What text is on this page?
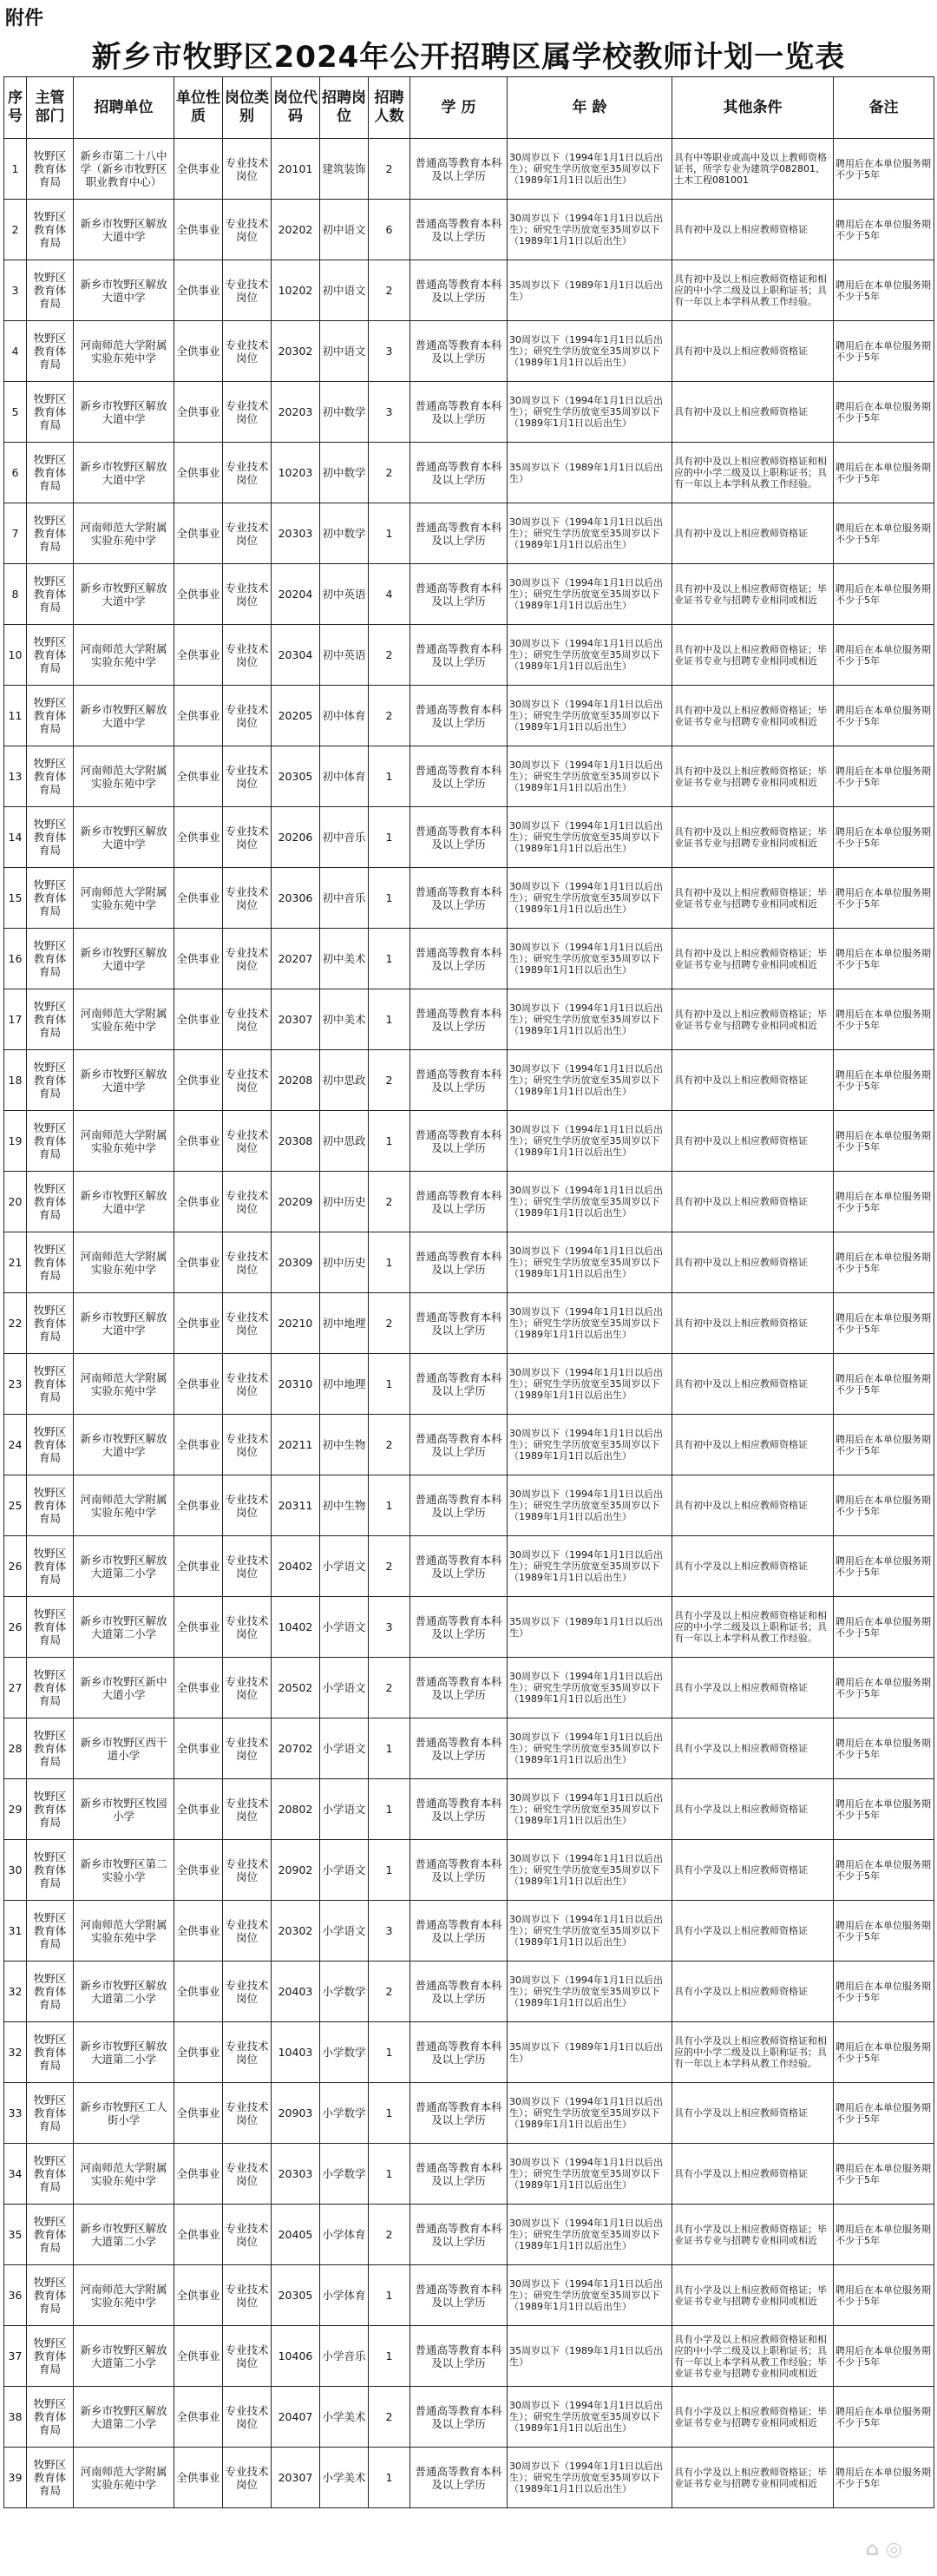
附件
新乡市牧野区2024年公开招聘区属学校教师计划一览表
序号	主管部门	招聘单位	单位性质	岗位类别	岗位代码	招聘岗位	招聘人数	学 历	年 龄	其他条件	备注
1	牧野区教育体育局	新乡市第二十八中学（新乡市牧野区职业教育中心）	全供事业	专业技术岗位	20101	建筑装饰	2	普通高等教育本科及以上学历	30周岁以下（1994年1月1日以后出生）；研究生学历放宽至35周岁以下（1989年1月1日以后出生）	具有中等职业或高中及以上教师资格证书，所学专业为建筑学082801、土木工程081001	聘用后在本单位服务期不少于5年
2	牧野区教育体育局	新乡市牧野区解放大道中学	全供事业	专业技术岗位	20202	初中语文	6	普通高等教育本科及以上学历	30周岁以下（1994年1月1日以后出生）；研究生学历放宽至35周岁以下（1989年1月1日以后出生）	具有初中及以上相应教师资格证	聘用后在本单位服务期不少于5年
3	牧野区教育体育局	新乡市牧野区解放大道中学	全供事业	专业技术岗位	10202	初中语文	2	普通高等教育本科及以上学历	35周岁以下（1989年1月1日以后出生）	具有初中及以上相应教师资格证和相应的中小学二级及以上职称证书；具有一年以上本学科从教工作经验。	聘用后在本单位服务期不少于5年
4	牧野区教育体育局	河南师范大学附属实验东苑中学	全供事业	专业技术岗位	20302	初中语文	3	普通高等教育本科及以上学历	30周岁以下（1994年1月1日以后出生）；研究生学历放宽至35周岁以下（1989年1月1日以后出生）	具有初中及以上相应教师资格证	聘用后在本单位服务期不少于5年
5	牧野区教育体育局	新乡市牧野区解放大道中学	全供事业	专业技术岗位	20203	初中数学	3	普通高等教育本科及以上学历	30周岁以下（1994年1月1日以后出生）；研究生学历放宽至35周岁以下（1989年1月1日以后出生）	具有初中及以上相应教师资格证	聘用后在本单位服务期不少于5年
6	牧野区教育体育局	新乡市牧野区解放大道中学	全供事业	专业技术岗位	10203	初中数学	2	普通高等教育本科及以上学历	35周岁以下（1989年1月1日以后出生）	具有初中及以上相应教师资格证和相应的中小学二级及以上职称证书；具有一年以上本学科从教工作经验。	聘用后在本单位服务期不少于5年
7	牧野区教育体育局	河南师范大学附属实验东苑中学	全供事业	专业技术岗位	20303	初中数学	1	普通高等教育本科及以上学历	30周岁以下（1994年1月1日以后出生）；研究生学历放宽至35周岁以下（1989年1月1日以后出生）	具有初中及以上相应教师资格证	聘用后在本单位服务期不少于5年
8	牧野区教育体育局	新乡市牧野区解放大道中学	全供事业	专业技术岗位	20204	初中英语	4	普通高等教育本科及以上学历	30周岁以下（1994年1月1日以后出生）；研究生学历放宽至35周岁以下（1989年1月1日以后出生）	具有初中及以上相应教师资格证；毕业证书专业与招聘专业相同或相近	聘用后在本单位服务期不少于5年
10	牧野区教育体育局	河南师范大学附属实验东苑中学	全供事业	专业技术岗位	20304	初中英语	2	普通高等教育本科及以上学历	30周岁以下（1994年1月1日以后出生）；研究生学历放宽至35周岁以下（1989年1月1日以后出生）	具有初中及以上相应教师资格证；毕业证书专业与招聘专业相同或相近	聘用后在本单位服务期不少于5年
11	牧野区教育体育局	新乡市牧野区解放大道中学	全供事业	专业技术岗位	20205	初中体育	2	普通高等教育本科及以上学历	30周岁以下（1994年1月1日以后出生）；研究生学历放宽至35周岁以下（1989年1月1日以后出生）	具有初中及以上相应教师资格证；毕业证书专业与招聘专业相同或相近	聘用后在本单位服务期不少于5年
13	牧野区教育体育局	河南师范大学附属实验东苑中学	全供事业	专业技术岗位	20305	初中体育	1	普通高等教育本科及以上学历	30周岁以下（1994年1月1日以后出生）；研究生学历放宽至35周岁以下（1989年1月1日以后出生）	具有初中及以上相应教师资格证；毕业证书专业与招聘专业相同或相近	聘用后在本单位服务期不少于5年
14	牧野区教育体育局	新乡市牧野区解放大道中学	全供事业	专业技术岗位	20206	初中音乐	1	普通高等教育本科及以上学历	30周岁以下（1994年1月1日以后出生）；研究生学历放宽至35周岁以下（1989年1月1日以后出生）	具有初中及以上相应教师资格证；毕业证书专业与招聘专业相同或相近	聘用后在本单位服务期不少于5年
15	牧野区教育体育局	河南师范大学附属实验东苑中学	全供事业	专业技术岗位	20306	初中音乐	1	普通高等教育本科及以上学历	30周岁以下（1994年1月1日以后出生）；研究生学历放宽至35周岁以下（1989年1月1日以后出生）	具有初中及以上相应教师资格证；毕业证书专业与招聘专业相同或相近	聘用后在本单位服务期不少于5年
16	牧野区教育体育局	新乡市牧野区解放大道中学	全供事业	专业技术岗位	20207	初中美术	1	普通高等教育本科及以上学历	30周岁以下（1994年1月1日以后出生）；研究生学历放宽至35周岁以下（1989年1月1日以后出生）	具有初中及以上相应教师资格证；毕业证书专业与招聘专业相同或相近	聘用后在本单位服务期不少于5年
17	牧野区教育体育局	河南师范大学附属实验东苑中学	全供事业	专业技术岗位	20307	初中美术	1	普通高等教育本科及以上学历	30周岁以下（1994年1月1日以后出生）；研究生学历放宽至35周岁以下（1989年1月1日以后出生）	具有初中及以上相应教师资格证；毕业证书专业与招聘专业相同或相近	聘用后在本单位服务期不少于5年
18	牧野区教育体育局	新乡市牧野区解放大道中学	全供事业	专业技术岗位	20208	初中思政	2	普通高等教育本科及以上学历	30周岁以下（1994年1月1日以后出生）；研究生学历放宽至35周岁以下（1989年1月1日以后出生）	具有初中及以上相应教师资格证	聘用后在本单位服务期不少于5年
19	牧野区教育体育局	河南师范大学附属实验东苑中学	全供事业	专业技术岗位	20308	初中思政	1	普通高等教育本科及以上学历	30周岁以下（1994年1月1日以后出生）；研究生学历放宽至35周岁以下（1989年1月1日以后出生）	具有初中及以上相应教师资格证	聘用后在本单位服务期不少于5年
20	牧野区教育体育局	新乡市牧野区解放大道中学	全供事业	专业技术岗位	20209	初中历史	2	普通高等教育本科及以上学历	30周岁以下（1994年1月1日以后出生）；研究生学历放宽至35周岁以下（1989年1月1日以后出生）	具有初中及以上相应教师资格证	聘用后在本单位服务期不少于5年
21	牧野区教育体育局	河南师范大学附属实验东苑中学	全供事业	专业技术岗位	20309	初中历史	1	普通高等教育本科及以上学历	30周岁以下（1994年1月1日以后出生）；研究生学历放宽至35周岁以下（1989年1月1日以后出生）	具有初中及以上相应教师资格证	聘用后在本单位服务期不少于5年
22	牧野区教育体育局	新乡市牧野区解放大道中学	全供事业	专业技术岗位	20210	初中地理	2	普通高等教育本科及以上学历	30周岁以下（1994年1月1日以后出生）；研究生学历放宽至35周岁以下（1989年1月1日以后出生）	具有初中及以上相应教师资格证	聘用后在本单位服务期不少于5年
23	牧野区教育体育局	河南师范大学附属实验东苑中学	全供事业	专业技术岗位	20310	初中地理	1	普通高等教育本科及以上学历	30周岁以下（1994年1月1日以后出生）；研究生学历放宽至35周岁以下（1989年1月1日以后出生）	具有初中及以上相应教师资格证	聘用后在本单位服务期不少于5年
24	牧野区教育体育局	新乡市牧野区解放大道中学	全供事业	专业技术岗位	20211	初中生物	2	普通高等教育本科及以上学历	30周岁以下（1994年1月1日以后出生）；研究生学历放宽至35周岁以下（1989年1月1日以后出生）	具有初中及以上相应教师资格证	聘用后在本单位服务期不少于5年
25	牧野区教育体育局	河南师范大学附属实验东苑中学	全供事业	专业技术岗位	20311	初中生物	1	普通高等教育本科及以上学历	30周岁以下（1994年1月1日以后出生）；研究生学历放宽至35周岁以下（1989年1月1日以后出生）	具有初中及以上相应教师资格证	聘用后在本单位服务期不少于5年
26	牧野区教育体育局	新乡市牧野区解放大道第二小学	全供事业	专业技术岗位	20402	小学语文	2	普通高等教育本科及以上学历	30周岁以下（1994年1月1日以后出生）；研究生学历放宽至35周岁以下（1989年1月1日以后出生）	具有小学及以上相应教师资格证	聘用后在本单位服务期不少于5年
26	牧野区教育体育局	新乡市牧野区解放大道第二小学	全供事业	专业技术岗位	10402	小学语文	3	普通高等教育本科及以上学历	35周岁以下（1989年1月1日以后出生）	具有小学及以上相应教师资格证和相应的中小学二级及以上职称证书；具有一年以上本学科从教工作经验。	聘用后在本单位服务期不少于5年
27	牧野区教育体育局	新乡市牧野区新中大道小学	全供事业	专业技术岗位	20502	小学语文	2	普通高等教育本科及以上学历	30周岁以下（1994年1月1日以后出生）；研究生学历放宽至35周岁以下（1989年1月1日以后出生）	具有小学及以上相应教师资格证	聘用后在本单位服务期不少于5年
28	牧野区教育体育局	新乡市牧野区西干道小学	全供事业	专业技术岗位	20702	小学语文	1	普通高等教育本科及以上学历	30周岁以下（1994年1月1日以后出生）；研究生学历放宽至35周岁以下（1989年1月1日以后出生）	具有小学及以上相应教师资格证	聘用后在本单位服务期不少于5年
29	牧野区教育体育局	新乡市牧野区牧园小学	全供事业	专业技术岗位	20802	小学语文	1	普通高等教育本科及以上学历	30周岁以下（1994年1月1日以后出生）；研究生学历放宽至35周岁以下（1989年1月1日以后出生）	具有小学及以上相应教师资格证	聘用后在本单位服务期不少于5年
30	牧野区教育体育局	新乡市牧野区第二实验小学	全供事业	专业技术岗位	20902	小学语文	1	普通高等教育本科及以上学历	30周岁以下（1994年1月1日以后出生）；研究生学历放宽至35周岁以下（1989年1月1日以后出生）	具有小学及以上相应教师资格证	聘用后在本单位服务期不少于5年
31	牧野区教育体育局	河南师范大学附属实验东苑中学	全供事业	专业技术岗位	20302	小学语文	3	普通高等教育本科及以上学历	30周岁以下（1994年1月1日以后出生）；研究生学历放宽至35周岁以下（1989年1月1日以后出生）	具有小学及以上相应教师资格证	聘用后在本单位服务期不少于5年
32	牧野区教育体育局	新乡市牧野区解放大道第二小学	全供事业	专业技术岗位	20403	小学数学	2	普通高等教育本科及以上学历	30周岁以下（1994年1月1日以后出生）；研究生学历放宽至35周岁以下（1989年1月1日以后出生）	具有小学及以上相应教师资格证	聘用后在本单位服务期不少于5年
32	牧野区教育体育局	新乡市牧野区解放大道第二小学	全供事业	专业技术岗位	10403	小学数学	1	普通高等教育本科及以上学历	35周岁以下（1989年1月1日以后出生）	具有小学及以上相应教师资格证和相应的中小学二级及以上职称证书；具有一年以上本学科从教工作经验。	聘用后在本单位服务期不少于5年
33	牧野区教育体育局	新乡市牧野区工人街小学	全供事业	专业技术岗位	20903	小学数学	1	普通高等教育本科及以上学历	30周岁以下（1994年1月1日以后出生）；研究生学历放宽至35周岁以下（1989年1月1日以后出生）	具有小学及以上相应教师资格证	聘用后在本单位服务期不少于5年
34	牧野区教育体育局	河南师范大学附属实验东苑中学	全供事业	专业技术岗位	20303	小学数学	1	普通高等教育本科及以上学历	30周岁以下（1994年1月1日以后出生）；研究生学历放宽至35周岁以下（1989年1月1日以后出生）	具有小学及以上相应教师资格证	聘用后在本单位服务期不少于5年
35	牧野区教育体育局	新乡市牧野区解放大道第二小学	全供事业	专业技术岗位	20405	小学体育	2	普通高等教育本科及以上学历	30周岁以下（1994年1月1日以后出生）；研究生学历放宽至35周岁以下（1989年1月1日以后出生）	具有小学及以上相应教师资格证；毕业证书专业与招聘专业相同或相近	聘用后在本单位服务期不少于5年
36	牧野区教育体育局	河南师范大学附属实验东苑中学	全供事业	专业技术岗位	20305	小学体育	1	普通高等教育本科及以上学历	30周岁以下（1994年1月1日以后出生）；研究生学历放宽至35周岁以下（1989年1月1日以后出生）	具有小学及以上相应教师资格证；毕业证书专业与招聘专业相同或相近	聘用后在本单位服务期不少于5年
37	牧野区教育体育局	新乡市牧野区解放大道第二小学	全供事业	专业技术岗位	10406	小学音乐	1	普通高等教育本科及以上学历	35周岁以下（1989年1月1日以后出生）	具有小学及以上相应教师资格证和相应的中小学二级及以上职称证书；具有一年以上本学科从教工作经验；毕业证书专业与招聘专业相同或相近	聘用后在本单位服务期不少于5年
38	牧野区教育体育局	新乡市牧野区解放大道第二小学	全供事业	专业技术岗位	20407	小学美术	2	普通高等教育本科及以上学历	30周岁以下（1994年1月1日以后出生）；研究生学历放宽至35周岁以下（1989年1月1日以后出生）	具有小学及以上相应教师资格证；毕业证书专业与招聘专业相同或相近	聘用后在本单位服务期不少于5年
39	牧野区教育体育局	河南师范大学附属实验东苑中学	全供事业	专业技术岗位	20307	小学美术	1	普通高等教育本科及以上学历	30周岁以下（1994年1月1日以后出生）；研究生学历放宽至35周岁以下（1989年1月1日以后出生）	具有小学及以上相应教师资格证；毕业证书专业与招聘专业相同或相近	聘用后在本单位服务期不少于5年
⌂ ◎
